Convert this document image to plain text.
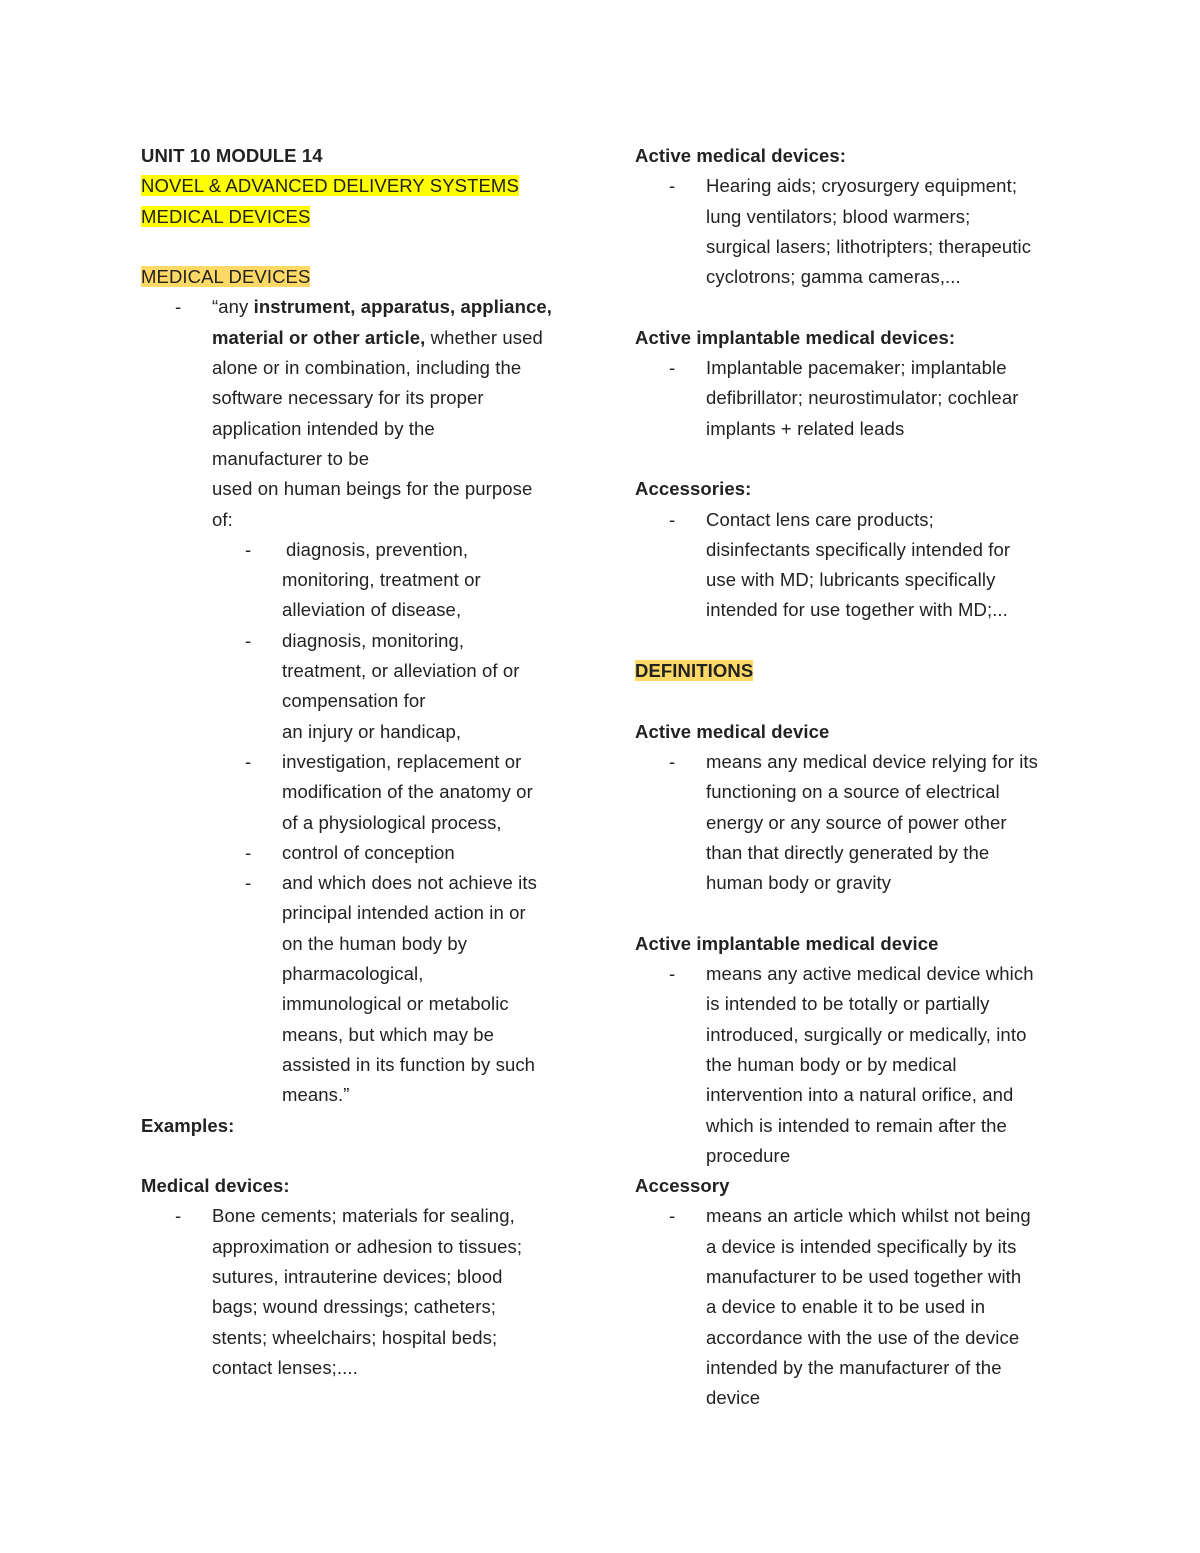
UNIT 10 MODULE 14
NOVEL & ADVANCED DELIVERY SYSTEMS
MEDICAL DEVICES
MEDICAL DEVICES
- “any instrument, apparatus, appliance,
material or other article, whether used
alone or in combination, including the
software necessary for its proper
application intended by the
manufacturer to be
used on human beings for the purpose
of:
- diagnosis, prevention,
monitoring, treatment or
alleviation of disease,
- diagnosis, monitoring,
treatment, or alleviation of or
compensation for
an injury or handicap,
- investigation, replacement or
modification of the anatomy or
of a physiological process,
- control of conception
- and which does not achieve its
principal intended action in or
on the human body by
pharmacological,
immunological or metabolic
means, but which may be
assisted in its function by such
means.”
Examples:
Medical devices:
- Bone cements; materials for sealing,
approximation or adhesion to tissues;
sutures, intrauterine devices; blood
bags; wound dressings; catheters;
stents; wheelchairs; hospital beds;
contact lenses;....
Active medical devices:
- Hearing aids; cryosurgery equipment;
lung ventilators; blood warmers;
surgical lasers; lithotripters; therapeutic
cyclotrons; gamma cameras,...
Active implantable medical devices:
- Implantable pacemaker; implantable
defibrillator; neurostimulator; cochlear
implants + related leads
Accessories:
- Contact lens care products;
disinfectants specifically intended for
use with MD; lubricants specifically
intended for use together with MD;...
DEFINITIONS
Active medical device
- means any medical device relying for its
functioning on a source of electrical
energy or any source of power other
than that directly generated by the
human body or gravity
Active implantable medical device
- means any active medical device which
is intended to be totally or partially
introduced, surgically or medically, into
the human body or by medical
intervention into a natural orifice, and
which is intended to remain after the
procedure
Accessory
- means an article which whilst not being
a device is intended specifically by its
manufacturer to be used together with
a device to enable it to be used in
accordance with the use of the device
intended by the manufacturer of the
device
